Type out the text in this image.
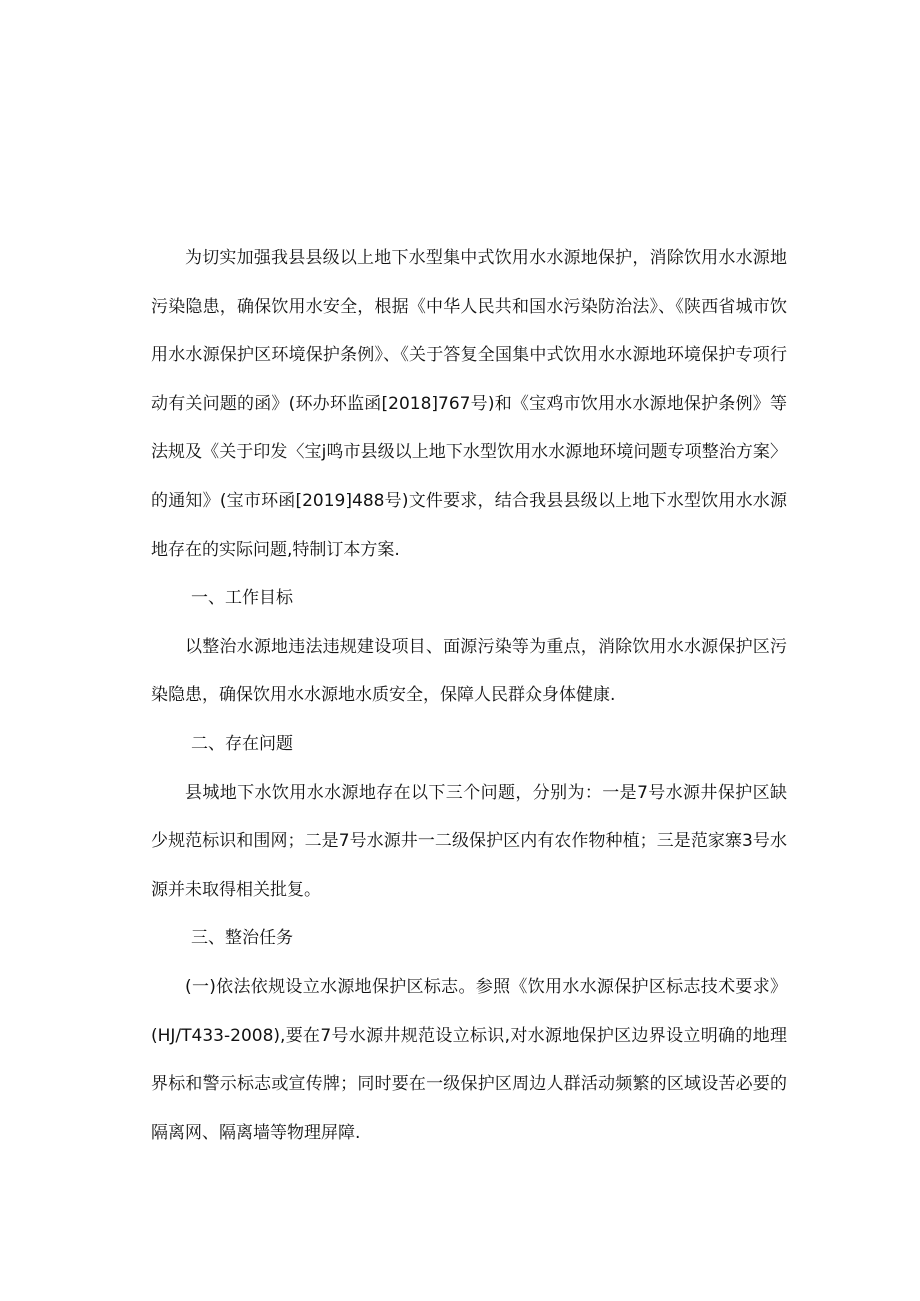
为切实加强我县县级以上地下水型集中式饮用水水源地保护，消除饮用水水源地污染隐患，确保饮用水安全，根据《中华人民共和国水污染防治法》、《陕西省城市饮用水水源保护区环境保护条例》、《关于答复全国集中式饮用水水源地环境保护专项行动有关问题的函》(环办环监函[2018]767号)和《宝鸡市饮用水水源地保护条例》等法规及《关于印发〈宝j鸣市县级以上地下水型饮用水水源地环境问题专项整治方案〉的通知》(宝市环函[2019]488号)文件要求，结合我县县级以上地下水型饮用水水源地存在的实际问题,特制订本方案.

一、工作目标

以整治水源地违法违规建设项目、面源污染等为重点，消除饮用水水源保护区污染隐患，确保饮用水水源地水质安全，保障人民群众身体健康.

二、存在问题

县城地下水饮用水水源地存在以下三个问题，分别为：一是7号水源井保护区缺少规范标识和围网；二是7号水源井一二级保护区内有农作物种植；三是范家寨3号水源并未取得相关批复。

三、整治任务

(一)依法依规设立水源地保护区标志。参照《饮用水水源保护区标志技术要求》(HJ/T433-2008),要在7号水源井规范设立标识,对水源地保护区边界设立明确的地理界标和警示标志或宣传牌；同时要在一级保护区周边人群活动频繁的区域设苦必要的隔离网、隔离墙等物理屏障.
